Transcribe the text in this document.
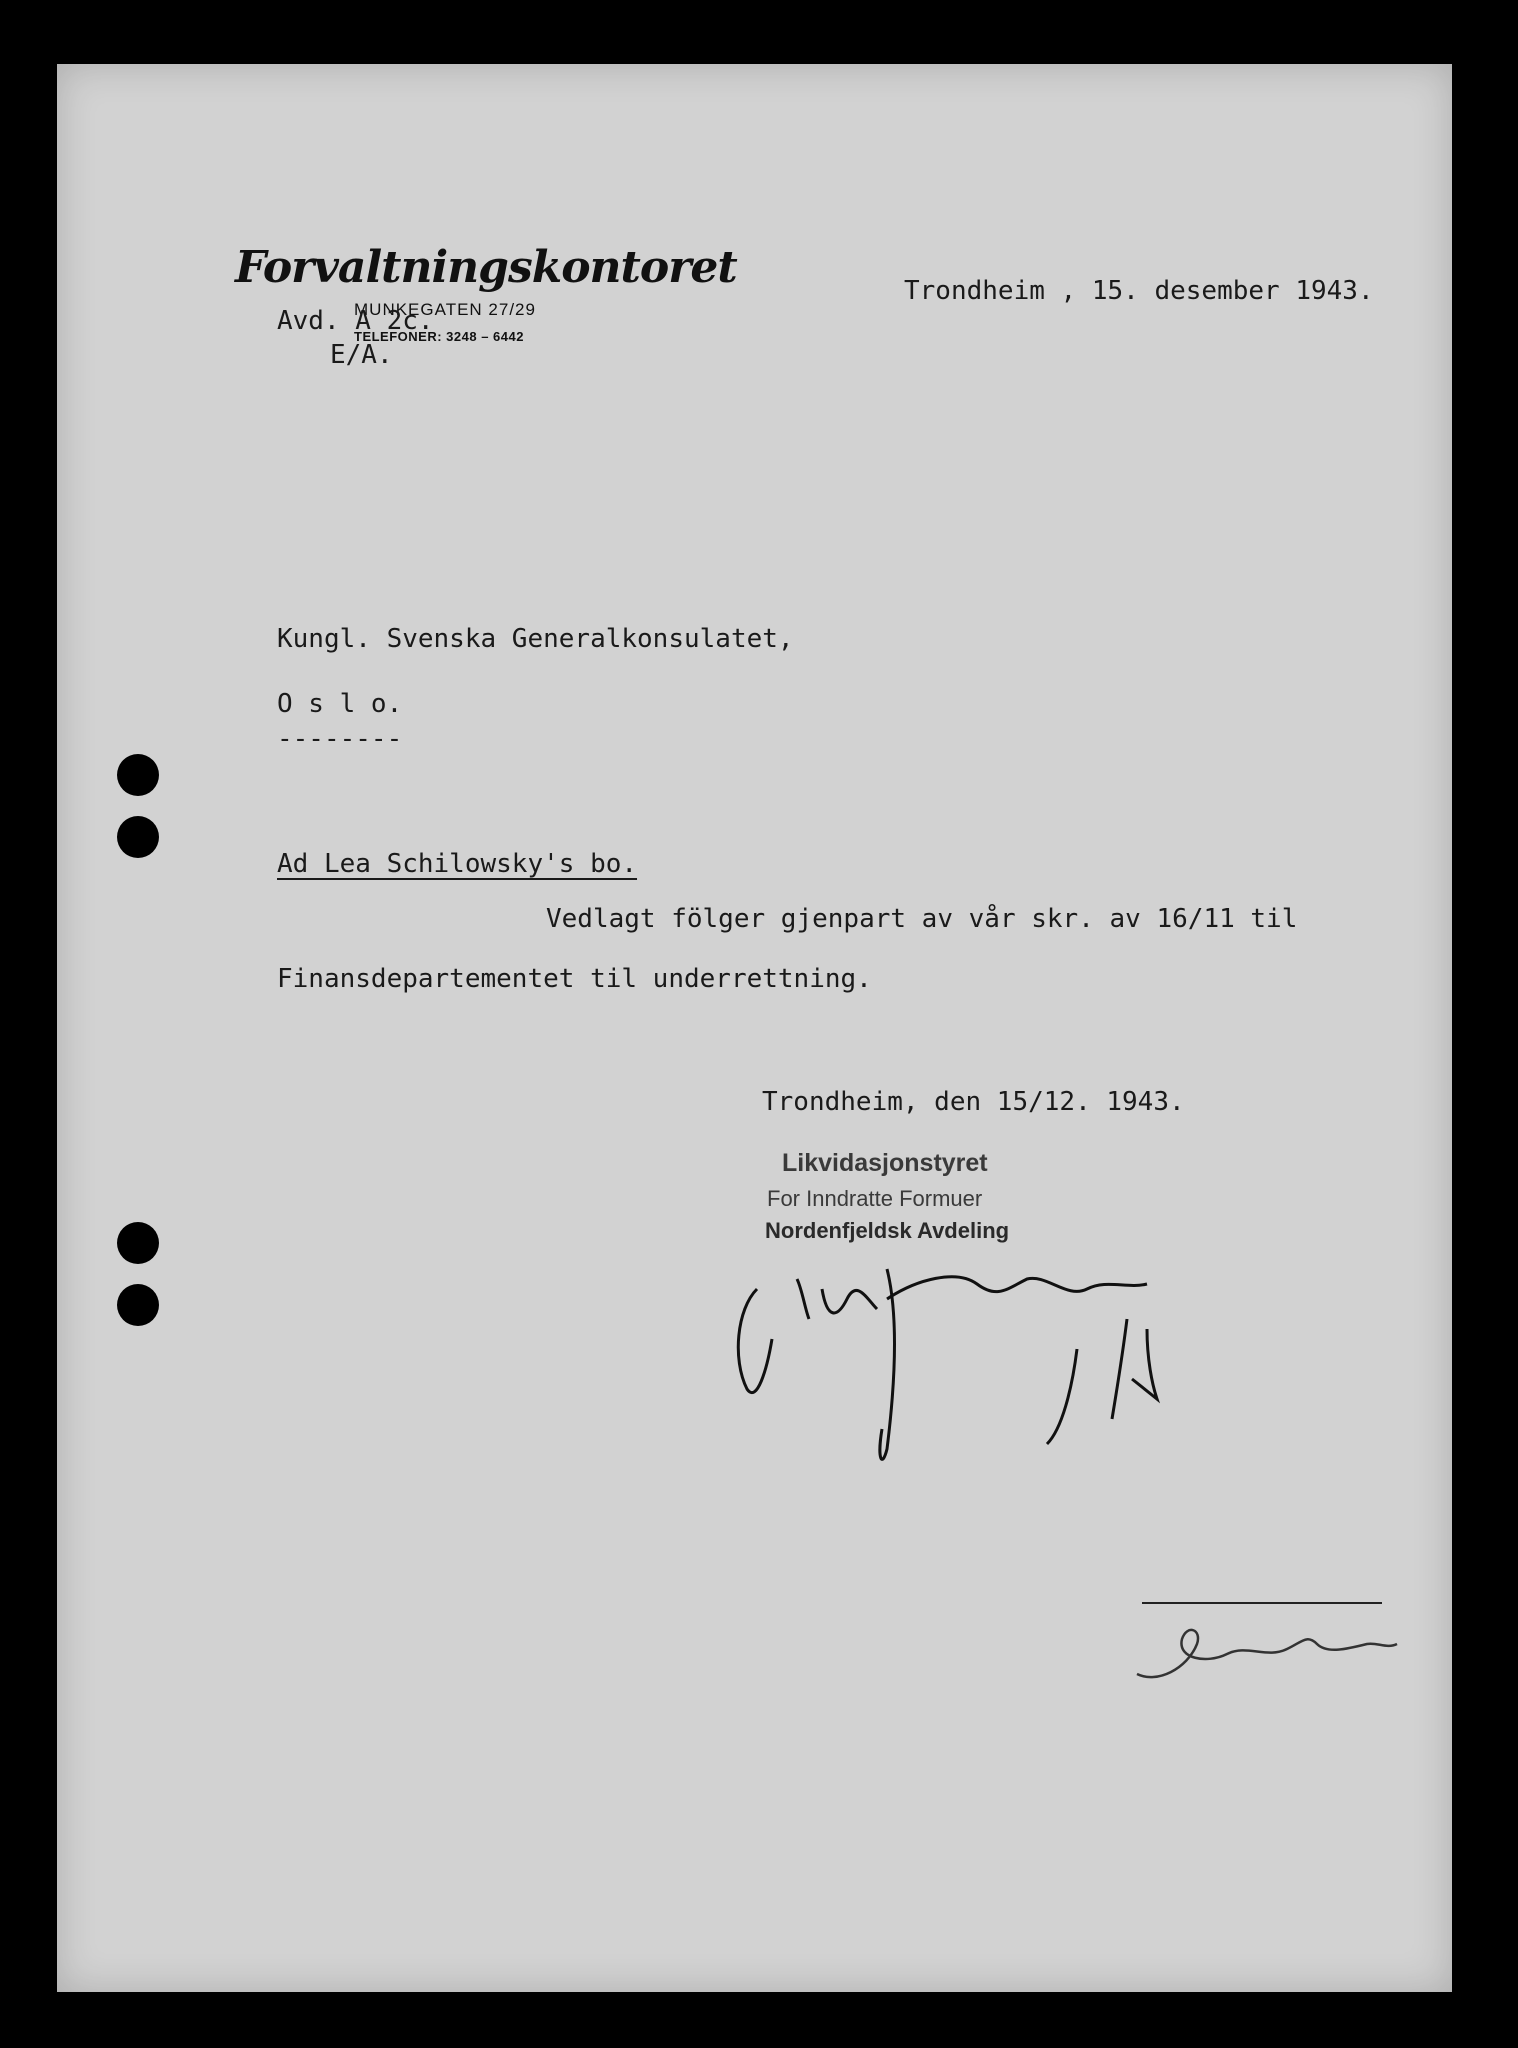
Forvaltningskontoret
MUNKEGATEN 27/29
TELEFONER: 3248 – 6442
Trondheim , 15. desember 1943.
Avd. A 2c.
E/A.
Kungl. Svenska Generalkonsulatet,
O s l o.
--------
Ad Lea Schilowsky's bo.
Vedlagt fölger gjenpart av vår skr. av 16/11 til
Finansdepartementet til underrettning.
Trondheim, den 15/12. 1943.
Likvidasjonstyret
For Inndratte Formuer
Nordenfjeldsk Avdeling
